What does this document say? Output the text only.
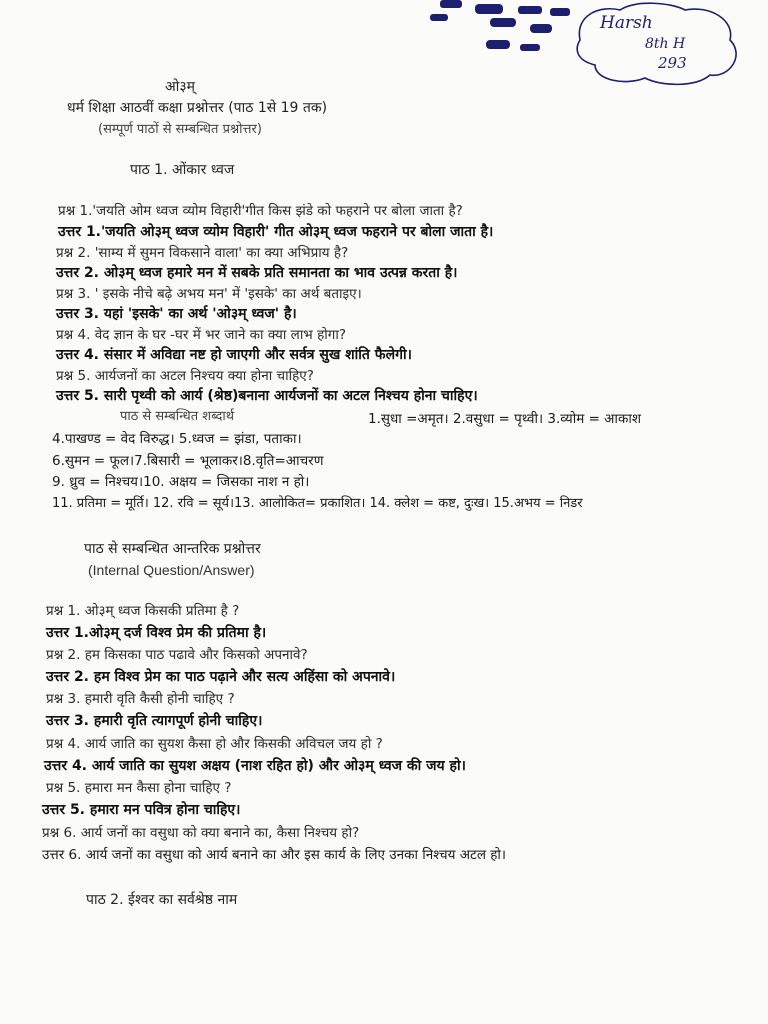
Harsh
8th H
293
ओ३म्
धर्म शिक्षा आठवीं कक्षा प्रश्नोत्तर (पाठ 1से 19 तक)
(सम्पूर्ण पाठों से सम्बन्धित प्रश्नोत्तर)
पाठ 1. ओंकार ध्वज
प्रश्न 1.'जयति ओम ध्वज व्योम विहारी'गीत किस झंडे को फहराने पर बोला जाता है?
उत्तर 1.'जयति ओ३म् ध्वज व्योम विहारी' गीत ओ३म् ध्वज फहराने पर बोला जाता है।
प्रश्न 2. 'साम्य में सुमन विकसाने वाला' का क्या अभिप्राय है?
उत्तर 2. ओ३म् ध्वज हमारे मन में सबके प्रति समानता का भाव उत्पन्न करता है।
प्रश्न 3. ' इसके नीचे बढ़े अभय मन' में 'इसके' का अर्थ बताइए।
उत्तर 3. यहां 'इसके' का अर्थ 'ओ३म् ध्वज' है।
प्रश्न 4. वेद ज्ञान के घर -घर में भर जाने का क्या लाभ होगा?
उत्तर 4. संसार में अविद्या नष्ट हो जाएगी और सर्वत्र सुख शांति फैलेगी।
प्रश्न 5. आर्यजनों का अटल निश्चय क्या होना चाहिए?
उत्तर 5. सारी पृथ्वी को आर्य (श्रेष्ठ)बनाना आर्यजनों का अटल निश्चय होना चाहिए।
पाठ से सम्बन्धित शब्दार्थ	1.सुधा =अमृत। 2.वसुधा = पृथ्वी। 3.व्योम = आकाश
4.पाखण्ड = वेद विरुद्ध। 5.ध्वज = झंडा, पताका।
6.सुमन = फूल।7.बिसारी = भूलाकर।8.वृति=आचरण
9. ध्रुव = निश्चय।10. अक्षय = जिसका नाश न हो।
11. प्रतिमा = मूर्ति। 12. रवि = सूर्य।13. आलोकित= प्रकाशित। 14. क्लेश = कष्ट, दुःख। 15.अभय = निडर
पाठ से सम्बन्धित आन्तरिक प्रश्नोत्तर
(Internal Question/Answer)
प्रश्न 1. ओ३म् ध्वज किसकी प्रतिमा है ?
उत्तर 1.ओ३म् दर्ज विश्व प्रेम की प्रतिमा है।
प्रश्न 2. हम किसका पाठ पढावे और किसको अपनावे?
उत्तर 2. हम विश्व प्रेम का पाठ पढ़ाने और सत्य अहिंसा को अपनावे।
प्रश्न 3. हमारी वृति कैसी होनी चाहिए ?
उत्तर 3. हमारी वृति त्यागपूर्ण होनी चाहिए।
प्रश्न 4. आर्य जाति का सुयश कैसा हो और किसकी अविचल जय हो ?
उत्तर 4. आर्य जाति का सुयश अक्षय (नाश रहित हो) और ओ३म् ध्वज की जय हो।
प्रश्न 5. हमारा मन कैसा होना चाहिए ?
उत्तर 5. हमारा मन पवित्र होना चाहिए।
प्रश्न 6. आर्य जनों का वसुधा को क्या बनाने का, कैसा निश्चय हो?
उत्तर 6. आर्य जनों का वसुधा को आर्य बनाने का और इस कार्य के लिए उनका निश्चय अटल हो।
पाठ 2. ईश्वर का सर्वश्रेष्ठ नाम
